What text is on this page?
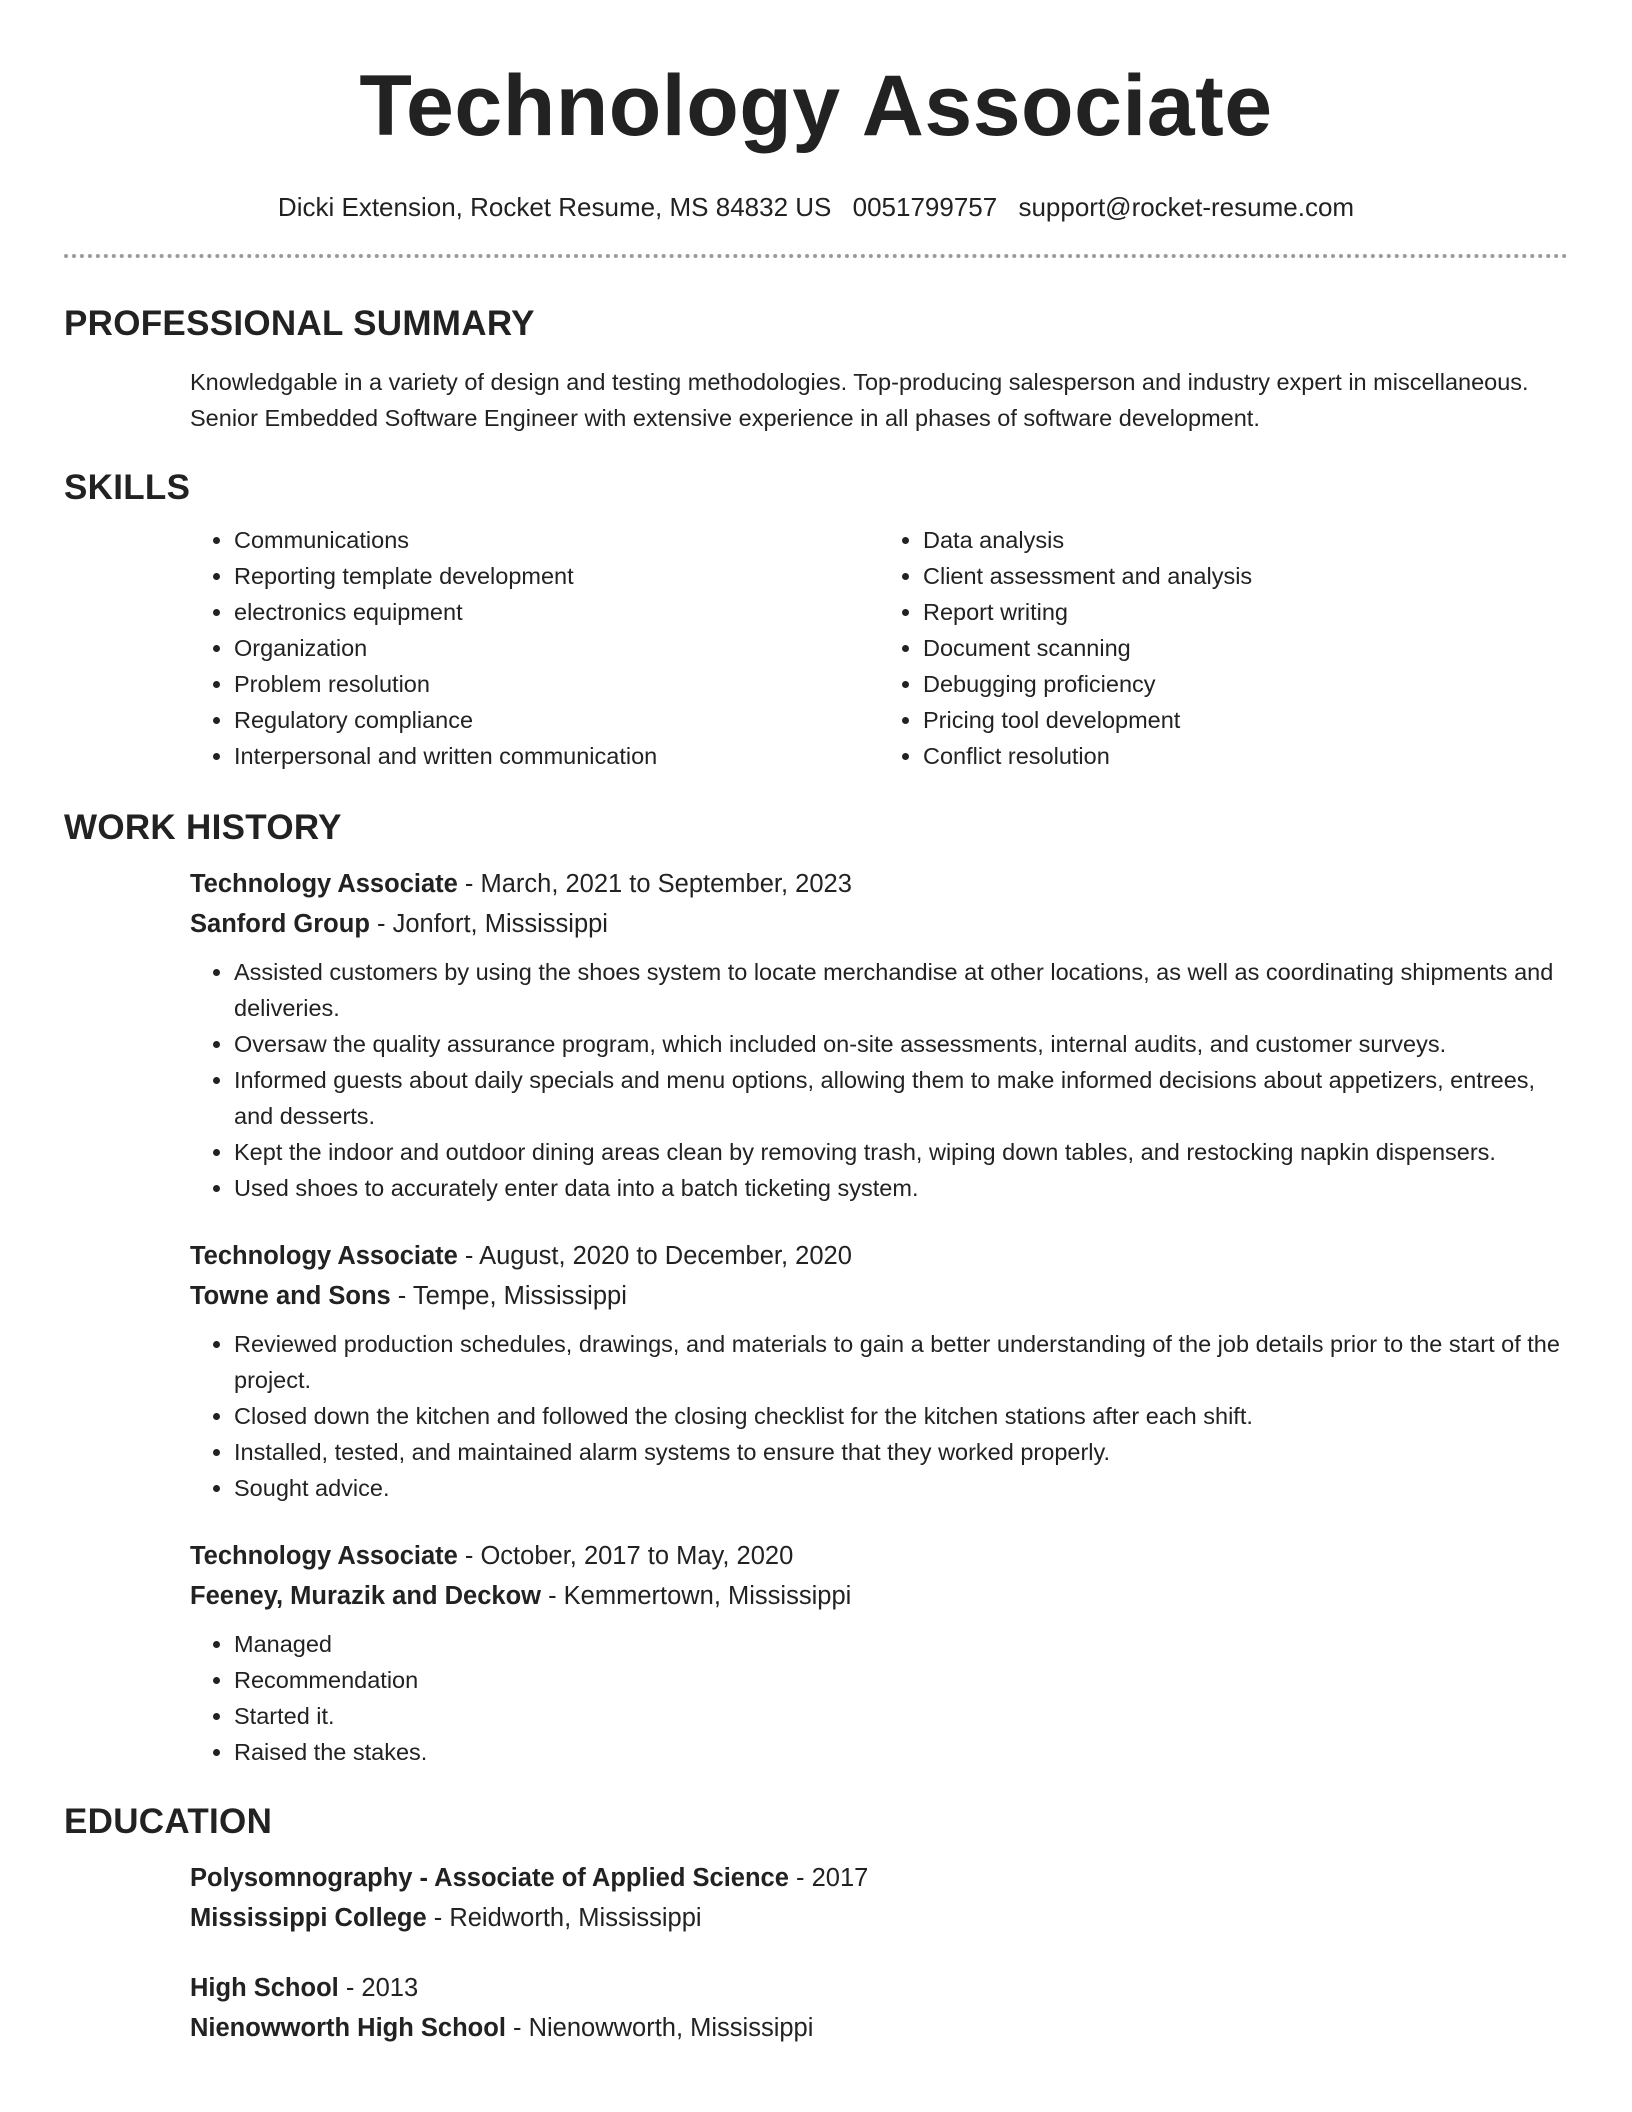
Technology Associate
Dicki Extension, Rocket Resume, MS 84832 US 0051799757 support@rocket-resume.com
PROFESSIONAL SUMMARY

Knowledgable in a variety of design and testing methodologies. Top-producing salesperson and industry expert in miscellaneous. Senior Embedded Software Engineer with extensive experience in all phases of software development.

SKILLS
• Communications
• Reporting template development
• electronics equipment
• Organization
• Problem resolution
• Regulatory compliance
• Interpersonal and written communication
• Data analysis
• Client assessment and analysis
• Report writing
• Document scanning
• Debugging proficiency
• Pricing tool development
• Conflict resolution
WORK HISTORY
Technology Associate - March, 2021 to September, 2023
Sanford Group - Jonfort, Mississippi
• Assisted customers by using the shoes system to locate merchandise at other locations, as well as coordinating shipments and deliveries.
• Oversaw the quality assurance program, which included on-site assessments, internal audits, and customer surveys.
• Informed guests about daily specials and menu options, allowing them to make informed decisions about appetizers, entrees, and desserts.
• Kept the indoor and outdoor dining areas clean by removing trash, wiping down tables, and restocking napkin dispensers.
• Used shoes to accurately enter data into a batch ticketing system.
Technology Associate - August, 2020 to December, 2020
Towne and Sons - Tempe, Mississippi
• Reviewed production schedules, drawings, and materials to gain a better understanding of the job details prior to the start of the project.
• Closed down the kitchen and followed the closing checklist for the kitchen stations after each shift.
• Installed, tested, and maintained alarm systems to ensure that they worked properly.
• Sought advice.
Technology Associate - October, 2017 to May, 2020
Feeney, Murazik and Deckow - Kemmertown, Mississippi
• Managed
• Recommendation
• Started it.
• Raised the stakes.
EDUCATION
Polysomnography - Associate of Applied Science - 2017
Mississippi College - Reidworth, Mississippi
High School - 2013
Nienowworth High School - Nienowworth, Mississippi
